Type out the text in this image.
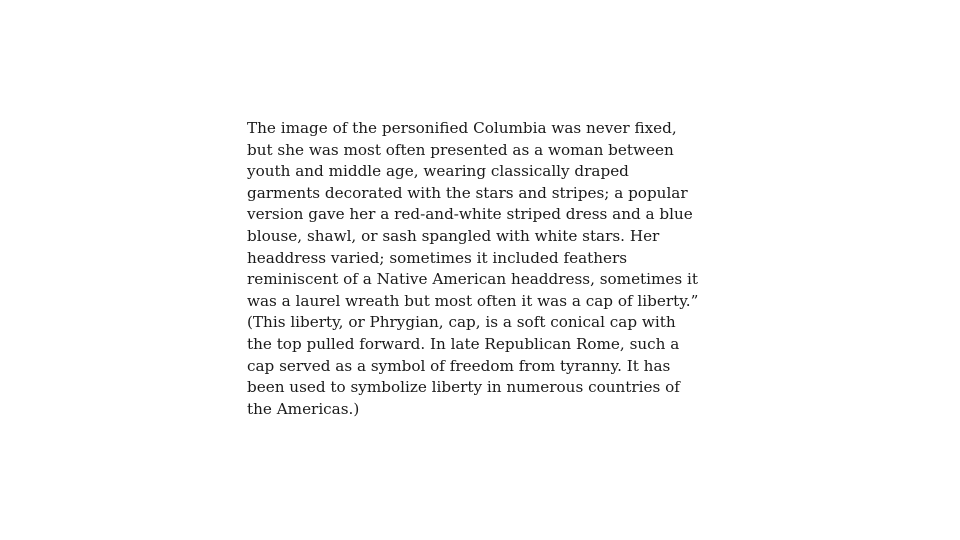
The image of the personified Columbia was never fixed,
but she was most often presented as a woman between
youth and middle age, wearing classically draped
garments decorated with the stars and stripes; a popular
version gave her a red-and-white striped dress and a blue
blouse, shawl, or sash spangled with white stars. Her
headdress varied; sometimes it included feathers
reminiscent of a Native American headdress, sometimes it
was a laurel wreath but most often it was a cap of liberty.”
(This liberty, or Phrygian, cap, is a soft conical cap with
the top pulled forward. In late Republican Rome, such a
cap served as a symbol of freedom from tyranny. It has
been used to symbolize liberty in numerous countries of
the Americas.)
